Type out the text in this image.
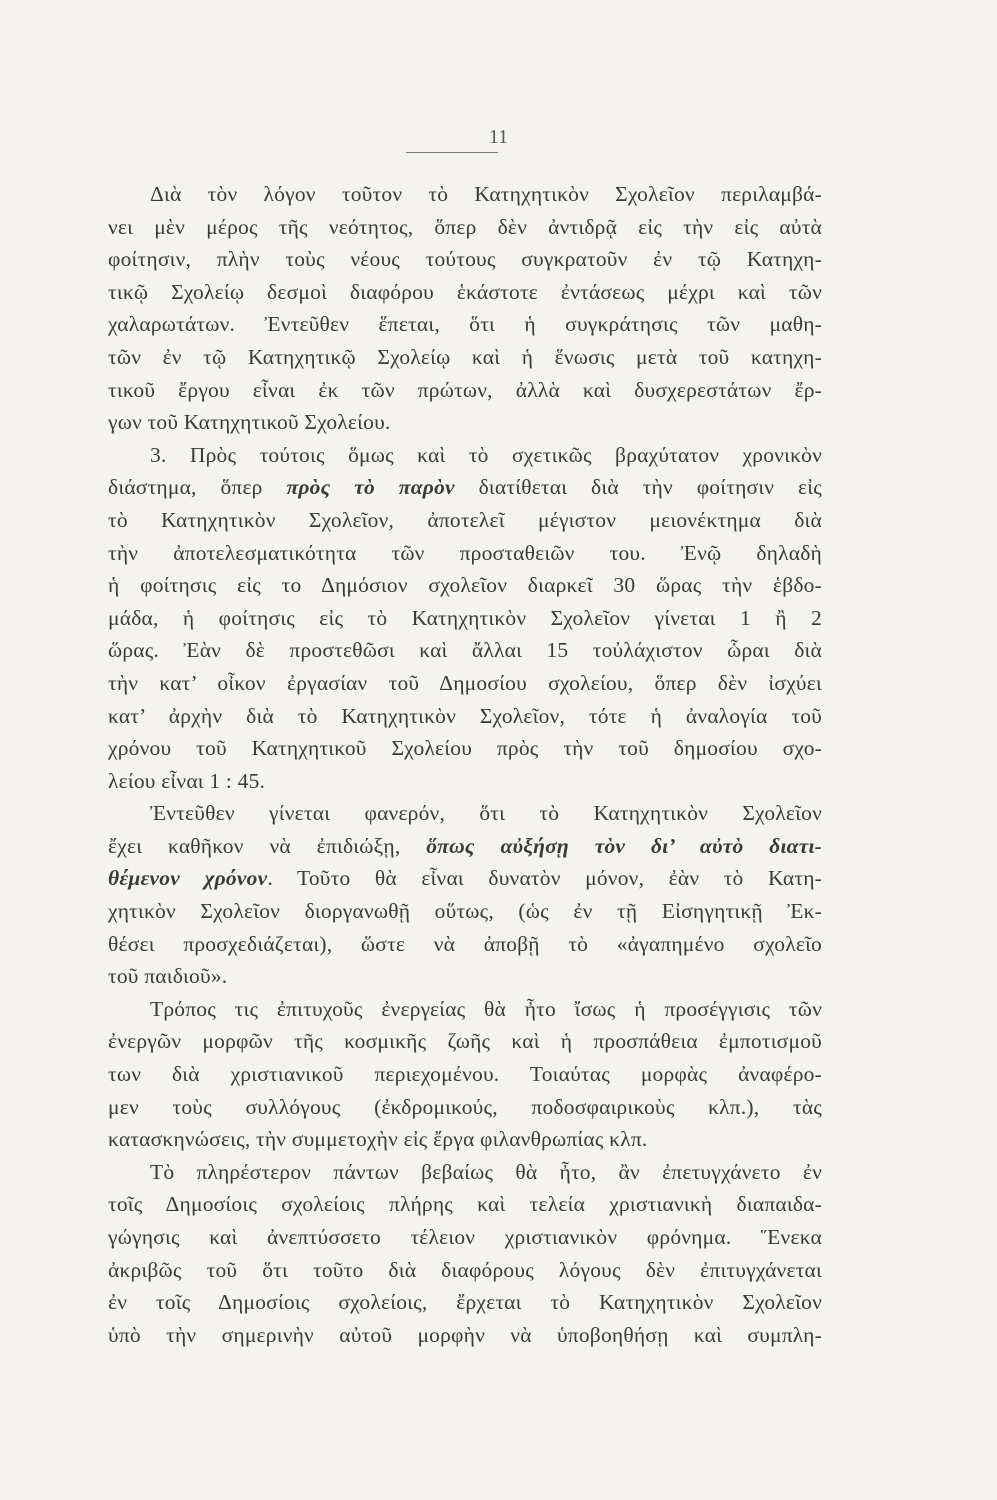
11
Διὰ τὸν λόγον τοῦτον τὸ Κατηχητικὸν Σχολεῖον περιλαμβά-
νει μὲν μέρος τῆς νεότητος, ὅπερ δὲν ἀντιδρᾷ εἰς τὴν εἰς αὐτὰ
φοίτησιν, πλὴν τοὺς νέους τούτους συγκρατοῦν ἐν τῷ Κατηχη-
τικῷ Σχολείῳ δεσμοὶ διαφόρου ἑκάστοτε ἐντάσεως μέχρι καὶ τῶν
χαλαρωτάτων. Ἐντεῦθεν ἕπεται, ὅτι ἡ συγκράτησις τῶν μαθη-
τῶν ἐν τῷ Κατηχητικῷ Σχολείῳ καὶ ἡ ἕνωσις μετὰ τοῦ κατηχη-
τικοῦ ἔργου εἶναι ἐκ τῶν πρώτων, ἀλλὰ καὶ δυσχερεστάτων ἔρ-
γων τοῦ Κατηχητικοῦ Σχολείου.
3. Πρὸς τούτοις ὅμως καὶ τὸ σχετικῶς βραχύτατον χρονικὸν
διάστημα, ὅπερ πρὸς τὸ παρὸν διατίθεται διὰ τὴν φοίτησιν εἰς
τὸ Κατηχητικὸν Σχολεῖον, ἀποτελεῖ μέγιστον μειονέκτημα διὰ
τὴν ἀποτελεσματικότητα τῶν προσταθειῶν του. Ἐνῷ δηλαδὴ
ἡ φοίτησις εἰς το Δημόσιον σχολεῖον διαρκεῖ 30 ὥρας τὴν ἑβδο-
μάδα, ἡ φοίτησις εἰς τὸ Κατηχητικὸν Σχολεῖον γίνεται 1 ἢ 2
ὥρας. Ἐὰν δὲ προστεθῶσι καὶ ἄλλαι 15 τοὐλάχιστον ὧραι διὰ
τὴν κατ’ οἶκον ἐργασίαν τοῦ Δημοσίου σχολείου, ὅπερ δὲν ἰσχύει
κατ’ ἀρχὴν διὰ τὸ Κατηχητικὸν Σχολεῖον, τότε ἡ ἀναλογία τοῦ
χρόνου τοῦ Κατηχητικοῦ Σχολείου πρὸς τὴν τοῦ δημοσίου σχο-
λείου εἶναι 1 : 45.
Ἐντεῦθεν γίνεται φανερόν, ὅτι τὸ Κατηχητικὸν Σχολεῖον
ἔχει καθῆκον νὰ ἐπιδιώξῃ, ὅπως αὐξήσῃ τὸν δι’ αὐτὸ διατι-
θέμενον χρόνον. Τοῦτο θὰ εἶναι δυνατὸν μόνον, ἐὰν τὸ Κατη-
χητικὸν Σχολεῖον διοργανωθῇ οὕτως, (ὡς ἐν τῇ Εἰσηγητικῇ Ἐκ-
θέσει προσχεδιάζεται), ὥστε νὰ ἀποβῇ τὸ «ἀγαπημένο σχολεῖο
τοῦ παιδιοῦ».
Τρόπος τις ἐπιτυχοῦς ἐνεργείας θὰ ἦτο ἴσως ἡ προσέγγισις τῶν
ἐνεργῶν μορφῶν τῆς κοσμικῆς ζωῆς καὶ ἡ προσπάθεια ἐμποτισμοῦ
των διὰ χριστιανικοῦ περιεχομένου. Τοιαύτας μορφὰς ἀναφέρο-
μεν τοὺς συλλόγους (ἐκδρομικούς, ποδοσφαιρικοὺς κλπ.), τὰς
κατασκηνώσεις, τὴν συμμετοχὴν εἰς ἔργα φιλανθρωπίας κλπ.
Τὸ πληρέστερον πάντων βεβαίως θὰ ἦτο, ἂν ἐπετυγχάνετο ἐν
τοῖς Δημοσίοις σχολείοις πλήρης καὶ τελεία χριστιανικὴ διαπαιδα-
γώγησις καὶ ἀνεπτύσσετο τέλειον χριστιανικὸν φρόνημα. Ἕνεκα
ἀκριβῶς τοῦ ὅτι τοῦτο διὰ διαφόρους λόγους δὲν ἐπιτυγχάνεται
ἐν τοῖς Δημοσίοις σχολείοις, ἔρχεται τὸ Κατηχητικὸν Σχολεῖον
ὑπὸ τὴν σημερινὴν αὐτοῦ μορφὴν νὰ ὑποβοηθήσῃ καὶ συμπλη-
